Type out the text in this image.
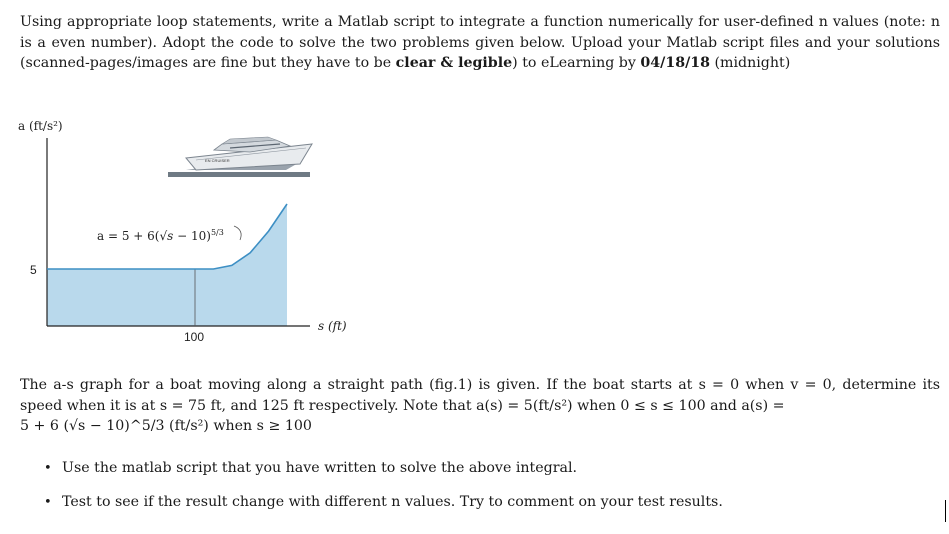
Using appropriate loop statements, write a Matlab script to integrate a function numerically for user-defined n values (note: n is a even number). Adopt the code to solve the two problems given below. Upload your Matlab script files and your solutions (scanned-pages/images are fine but they have to be clear & legible) to eLearning by 04/18/18 (midnight)
a (ft/s²)
5
100
s (ft)
$a = 5 + 6(√s - 10)^{5/3}$
EN CRUISER
The a-s graph for a boat moving along a straight path (fig.1) is given. If the boat starts at s = 0 when v = 0, determine its speed when it is at s = 75 ft, and 125 ft respectively. Note that a(s) = 5(ft/s²) when 0 ≤ s ≤ 100 and a(s) =
5 + 6 (√s − 10)^5/3 (ft/s²) when s ≥ 100
• Use the matlab script that you have written to solve the above integral.
• Test to see if the result change with different n values. Try to comment on your test results.
